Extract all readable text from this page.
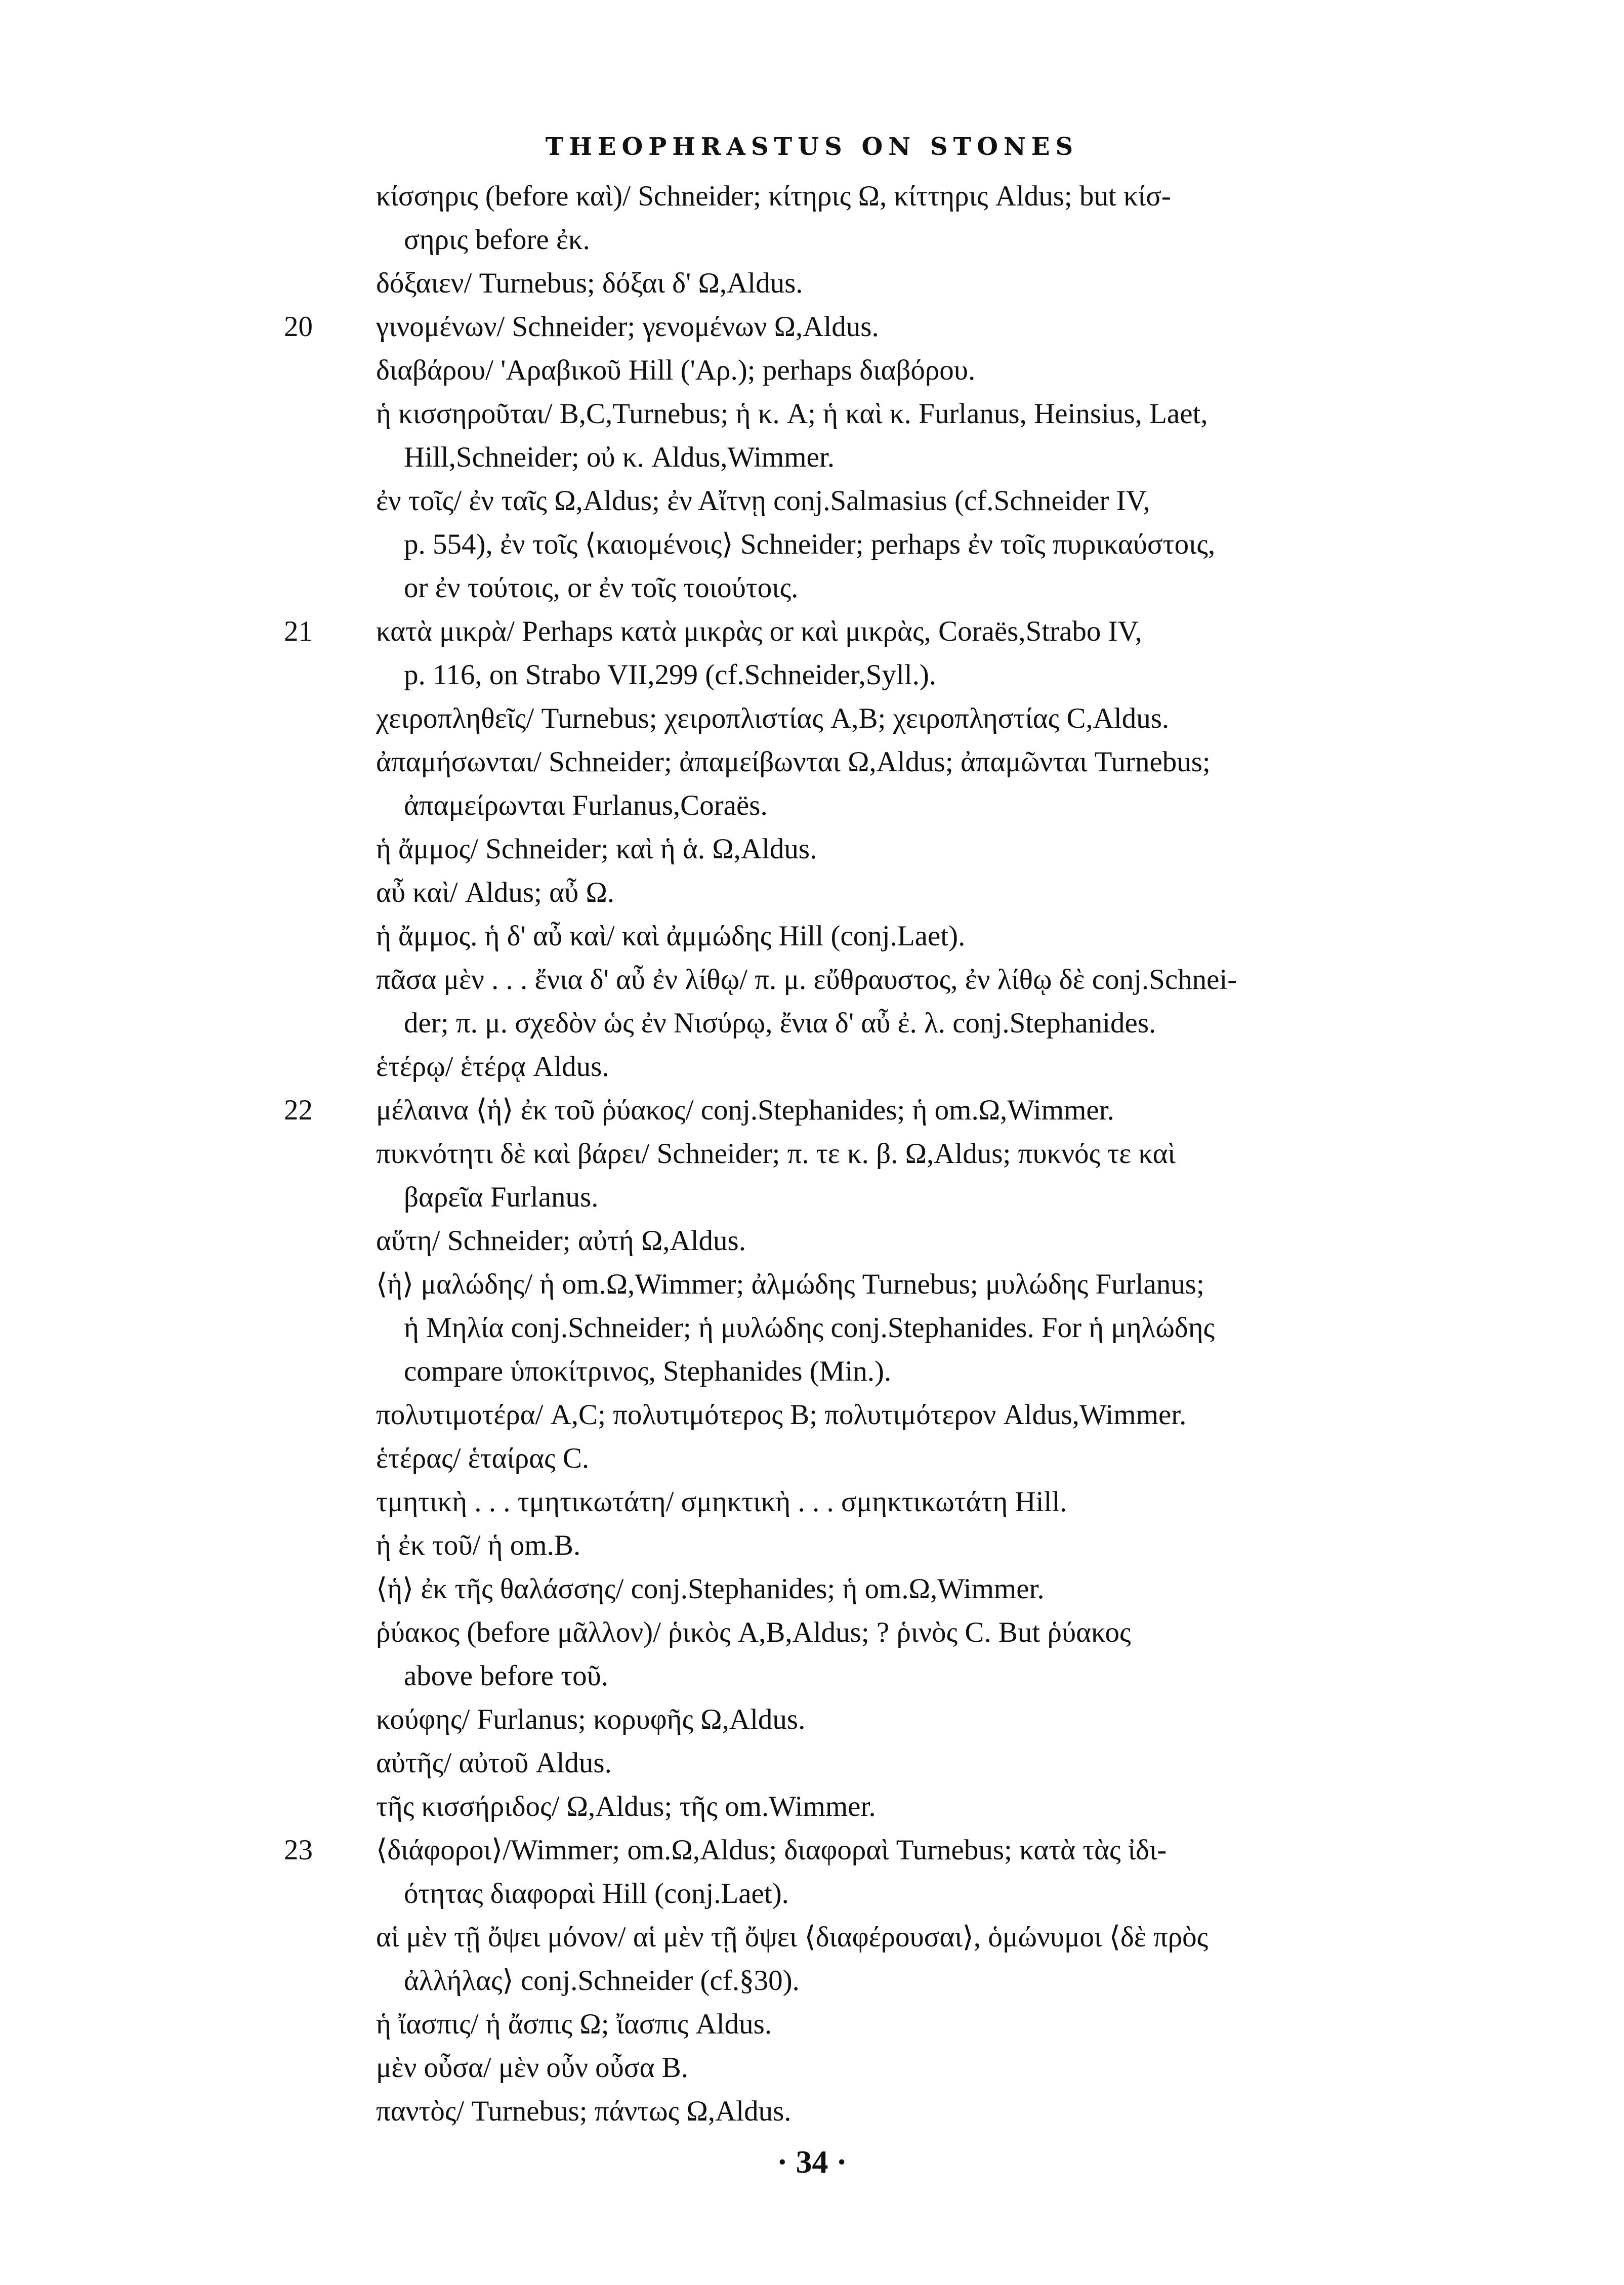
THEOPHRASTUS ON STONES
κίσσηρις (before καὶ)/ Schneider; κίτηρις Ω, κίττηρις Aldus; but κίσ-
σηρις before ἐκ.
δόξαιεν/ Turnebus; δόξαι δ' Ω,Aldus.
20 γινομένων/ Schneider; γενομένων Ω,Aldus.
διαβάρου/ 'Αραβικοῦ Hill ('Αρ.); perhaps διαβόρου.
ἡ κισσηροῦται/ B,C,Turnebus; ἡ κ. A; ἡ καὶ κ. Furlanus, Heinsius, Laet,
Hill,Schneider; οὐ κ. Aldus,Wimmer.
ἐν τοῖς/ ἐν ταῖς Ω,Aldus; ἐν Αἴτνῃ conj.Salmasius (cf.Schneider IV,
p. 554), ἐν τοῖς ⟨καιομένοις⟩ Schneider; perhaps ἐν τοῖς πυρικαύστοις,
or ἐν τούτοις, or ἐν τοῖς τοιούτοις.
21 κατὰ μικρὰ/ Perhaps κατὰ μικρὰς or καὶ μικρὰς, Coraës,Strabo IV,
p. 116, on Strabo VII,299 (cf.Schneider,Syll.).
χειροπληθεῖς/ Turnebus; χειροπλιστίας A,B; χειροπληστίας C,Aldus.
ἀπαμήσωνται/ Schneider; ἀπαμείβωνται Ω,Aldus; ἀπαμῶνται Turnebus;
ἀπαμείρωνται Furlanus,Coraës.
ἡ ἄμμος/ Schneider; καὶ ἡ ἁ. Ω,Aldus.
αὖ καὶ/ Aldus; αὖ Ω.
ἡ ἄμμος. ἡ δ' αὖ καὶ/ καὶ ἀμμώδης Hill (conj.Laet).
πᾶσα μὲν . . . ἔνια δ' αὖ ἐν λίθῳ/ π. μ. εὔθραυστος, ἐν λίθῳ δὲ conj.Schnei-
der; π. μ. σχεδὸν ὡς ἐν Νισύρῳ, ἔνια δ' αὖ ἐ. λ. conj.Stephanides.
ἑτέρῳ/ ἑτέρᾳ Aldus.
22 μέλαινα ⟨ἡ⟩ ἐκ τοῦ ῥύακος/ conj.Stephanides; ἡ om.Ω,Wimmer.
πυκνότητι δὲ καὶ βάρει/ Schneider; π. τε κ. β. Ω,Aldus; πυκνός τε καὶ
βαρεῖα Furlanus.
αὕτη/ Schneider; αὐτή Ω,Aldus.
⟨ἡ⟩ μαλώδης/ ἡ om.Ω,Wimmer; ἀλμώδης Turnebus; μυλώδης Furlanus;
ἡ Μηλία conj.Schneider; ἡ μυλώδης conj.Stephanides. For ἡ μηλώδης
compare ὑποκίτρινος, Stephanides (Min.).
πολυτιμοτέρα/ A,C; πολυτιμότερος B; πολυτιμότερον Aldus,Wimmer.
ἑτέρας/ ἑταίρας C.
τμητικὴ . . . τμητικωτάτη/ σμηκτικὴ . . . σμηκτικωτάτη Hill.
ἡ ἐκ τοῦ/ ἡ om.B.
⟨ἡ⟩ ἐκ τῆς θαλάσσης/ conj.Stephanides; ἡ om.Ω,Wimmer.
ῥύακος (before μᾶλλον)/ ῥικὸς A,B,Aldus; ? ῥινὸς C. But ῥύακος
above before τοῦ.
κούφης/ Furlanus; κορυφῆς Ω,Aldus.
αὐτῆς/ αὐτοῦ Aldus.
τῆς κισσήριδος/ Ω,Aldus; τῆς om.Wimmer.
23 ⟨διάφοροι⟩/Wimmer; om.Ω,Aldus; διαφοραὶ Turnebus; κατὰ τὰς ἰδι-
ότητας διαφοραὶ Hill (conj.Laet).
αἱ μὲν τῇ ὄψει μόνον/ αἱ μὲν τῇ ὄψει ⟨διαφέρουσαι⟩, ὁμώνυμοι ⟨δὲ πρὸς
ἀλλήλας⟩ conj.Schneider (cf.§30).
ἡ ἴασπις/ ἡ ἄσπις Ω; ἴασπις Aldus.
μὲν οὖσα/ μὲν οὖν οὖσα B.
παντὸς/ Turnebus; πάντως Ω,Aldus.
· 34 ·
